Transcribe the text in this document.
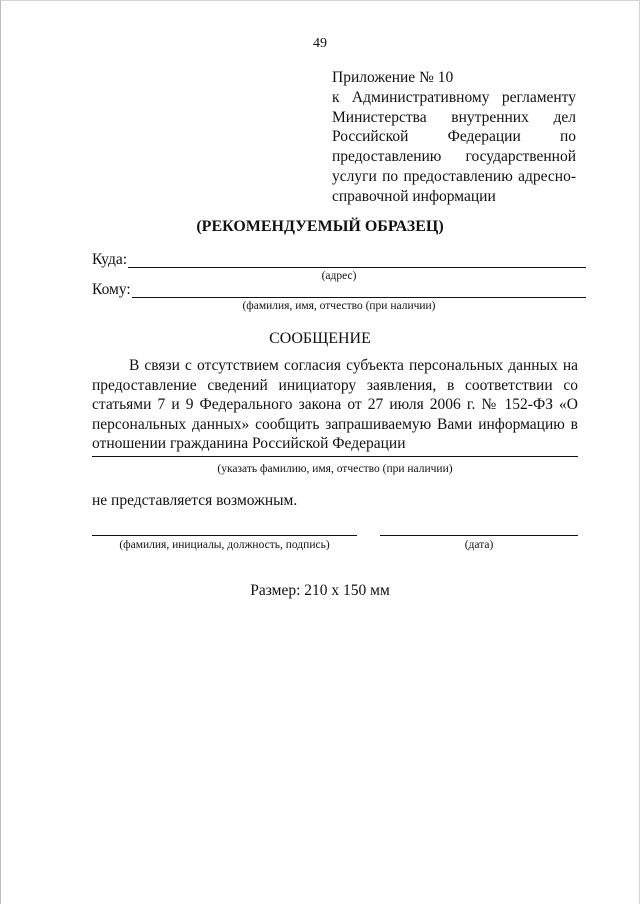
49

Приложение № 10

к Административному регламенту Министерства внутренних дел Российской Федерации по предоставлению государственной услуги по предоставлению адресно-справочной информации

(РЕКОМЕНДУЕМЫЙ ОБРАЗЕЦ)
Куда:
(адрес)
Кому:
(фамилия, имя, отчество (при наличии)
СООБЩЕНИЕ

В связи с отсутствием согласия субъекта персональных данных на предоставление сведений инициатору заявления, в соответствии со статьями 7 и 9 Федерального закона от 27 июля 2006 г. № 152-ФЗ «О персональных данных» сообщить запрашиваемую Вами информацию в отношении гражданина Российской Федерации

(указать фамилию, имя, отчество (при наличии)
не представляется возможным.
(фамилия, инициалы, должность, подпись)	(дата)
Размер: 210 х 150 мм
